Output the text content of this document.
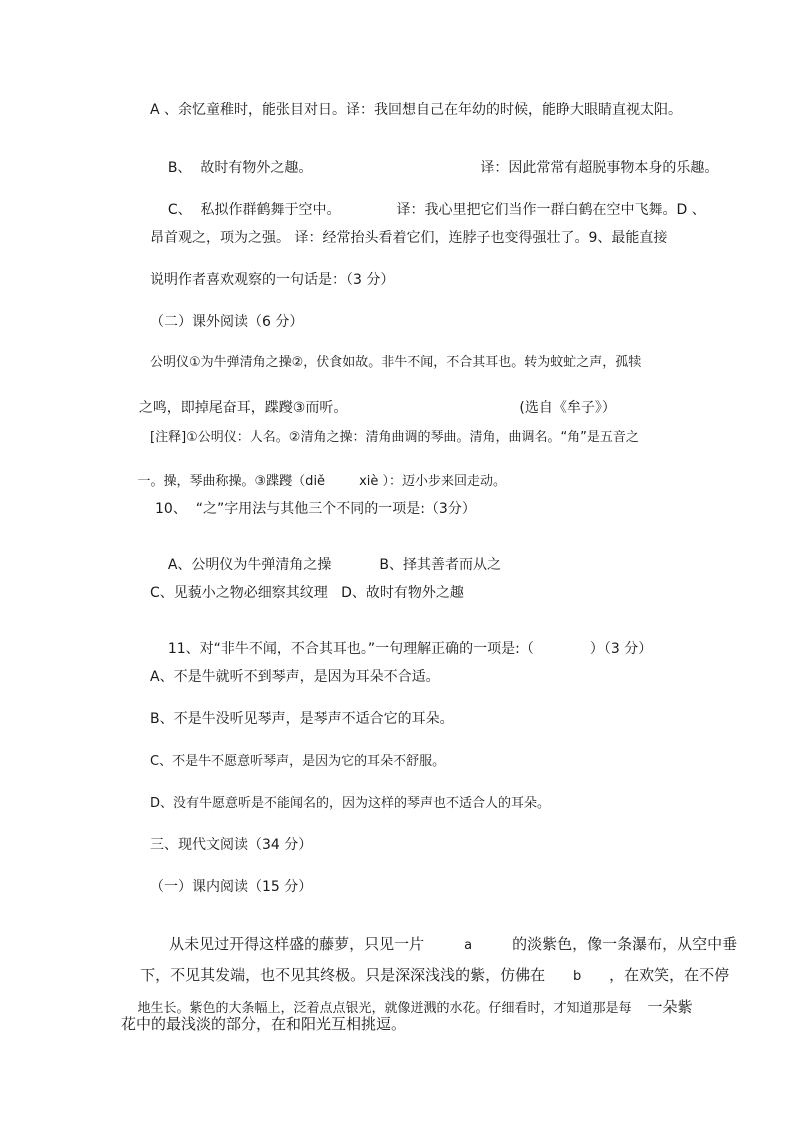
A 、余忆童稚时，能张目对日。译：我回想自己在年幼的时候，能睁大眼睛直视太阳。

B、  故时有物外之趣。	译：因此常常有超脱事物本身的乐趣。

C、  私拟作群鹤舞于空中。	译：我心里把它们当作一群白鹤在空中飞舞。D 、

昂首观之，项为之强。 译：经常抬头看着它们，连脖子也变得强壮了。9、最能直接
说明作者喜欢观察的一句话是：（3 分）
（二）课外阅读（6 分）
公明仪①为牛弹清角之操②，伏食如故。非牛不闻，不合其耳也。转为蚊虻之声，孤犊

之鸣，即掉尾奋耳，蹀躞③而听。	(选自《牟子》）

[注释]①公明仪：人名。②清角之操：清角曲调的琴曲。清角，曲调名。“角”是五音之

一。操，琴曲称操。③蹀躞（diě	xiè ）：迈小步来回走动。

10、  “之”字用法与其他三个不同的一项是:（3分）

A、公明仪为牛弹清角之操	B、择其善者而从之

C、见藐小之物必细察其纹理   D、故时有物外之趣

11、对“非牛不闻，不合其耳也。”一句理解正确的一项是:（	）（3 分）

A、不是牛就听不到琴声，是因为耳朵不合适。
B、不是牛没听见琴声，是琴声不适合它的耳朵。
C、不是牛不愿意听琴声，是因为它的耳朵不舒服。
D、没有牛愿意听是不能闻名的，因为这样的琴声也不适合人的耳朵。
三、现代文阅读（34 分）
（一）课内阅读（15 分）

从未见过开得这样盛的藤萝，只见一片	a	的淡紫色，像一条瀑布，从空中垂

下，不见其发端，也不见其终极。只是深深浅浅的紫，仿佛在 b ，在欢笑，在不停

地生长。紫色的大条幅上，泛着点点银光，就像迸溅的水花。仔细看时，才知道那是每 一朵紫

花中的最浅淡的部分，在和阳光互相挑逗。
